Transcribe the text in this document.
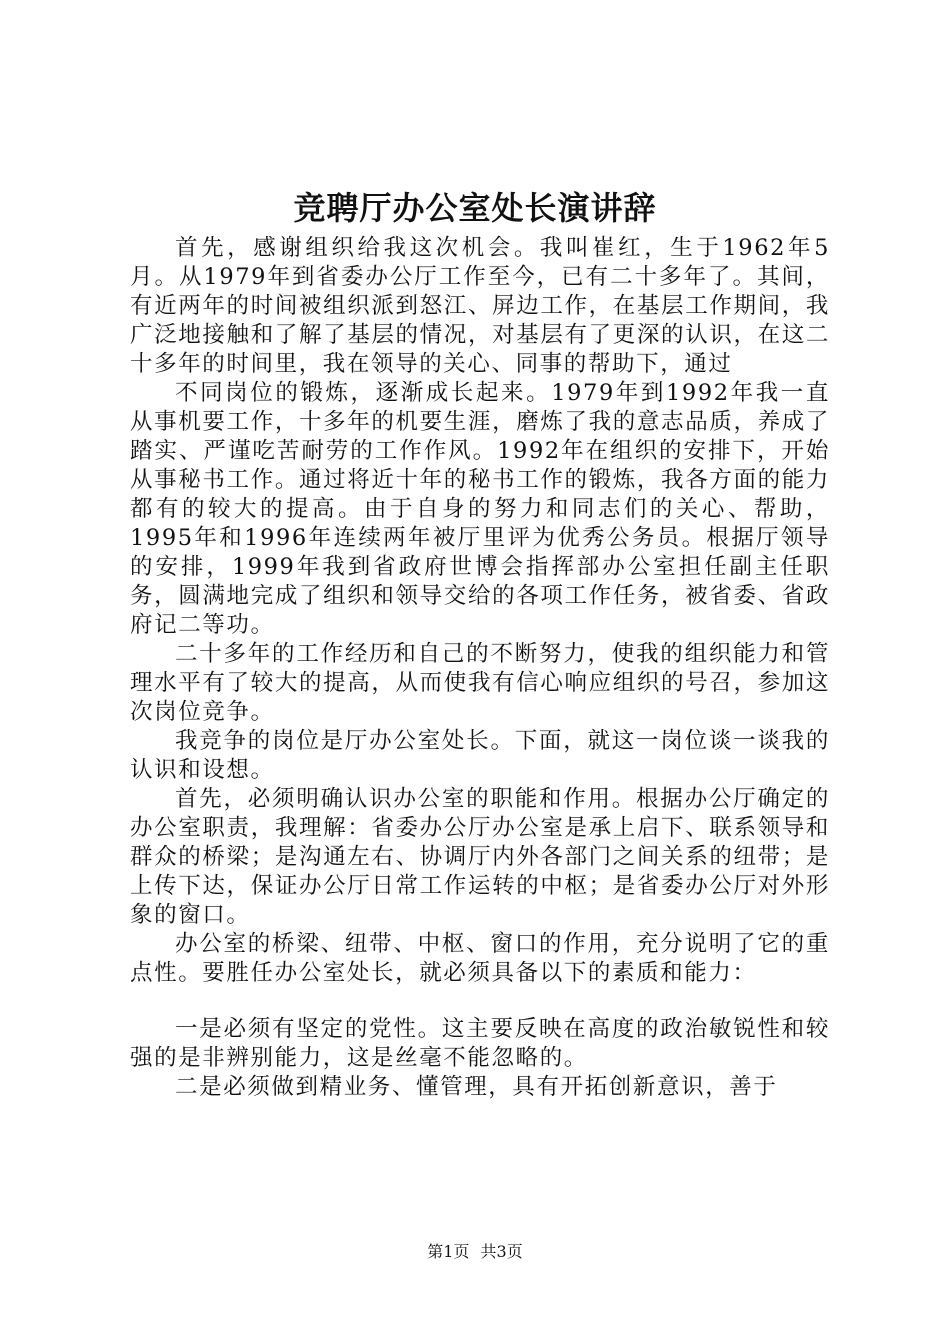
竞聘厅办公室处长演讲辞

首先，感谢组织给我这次机会。我叫崔红，生于1962年5月。从1979年到省委办公厅工作至今，已有二十多年了。其间，有近两年的时间被组织派到怒江、屏边工作，在基层工作期间，我广泛地接触和了解了基层的情况，对基层有了更深的认识，在这二十多年的时间里，我在领导的关心、同事的帮助下，通过

不同岗位的锻炼，逐渐成长起来。1979年到1992年我一直从事机要工作，十多年的机要生涯，磨炼了我的意志品质，养成了踏实、严谨吃苦耐劳的工作作风。1992年在组织的安排下，开始从事秘书工作。通过将近十年的秘书工作的锻炼，我各方面的能力都有的较大的提高。由于自身的努力和同志们的关心、帮助，1995年和1996年连续两年被厅里评为优秀公务员。根据厅领导的安排，1999年我到省政府世博会指挥部办公室担任副主任职务，圆满地完成了组织和领导交给的各项工作任务，被省委、省政府记二等功。

二十多年的工作经历和自己的不断努力，使我的组织能力和管理水平有了较大的提高，从而使我有信心响应组织的号召，参加这次岗位竞争。

我竞争的岗位是厅办公室处长。下面，就这一岗位谈一谈我的认识和设想。

首先，必须明确认识办公室的职能和作用。根据办公厅确定的办公室职责，我理解：省委办公厅办公室是承上启下、联系领导和群众的桥梁；是沟通左右、协调厅内外各部门之间关系的纽带；是上传下达，保证办公厅日常工作运转的中枢；是省委办公厅对外形象的窗口。

办公室的桥梁、纽带、中枢、窗口的作用，充分说明了它的重点性。要胜任办公室处长，就必须具备以下的素质和能力：

一是必须有坚定的党性。这主要反映在高度的政治敏锐性和较强的是非辨别能力，这是丝毫不能忽略的。

二是必须做到精业务、懂管理，具有开拓创新意识，善于

第1页 共3页
